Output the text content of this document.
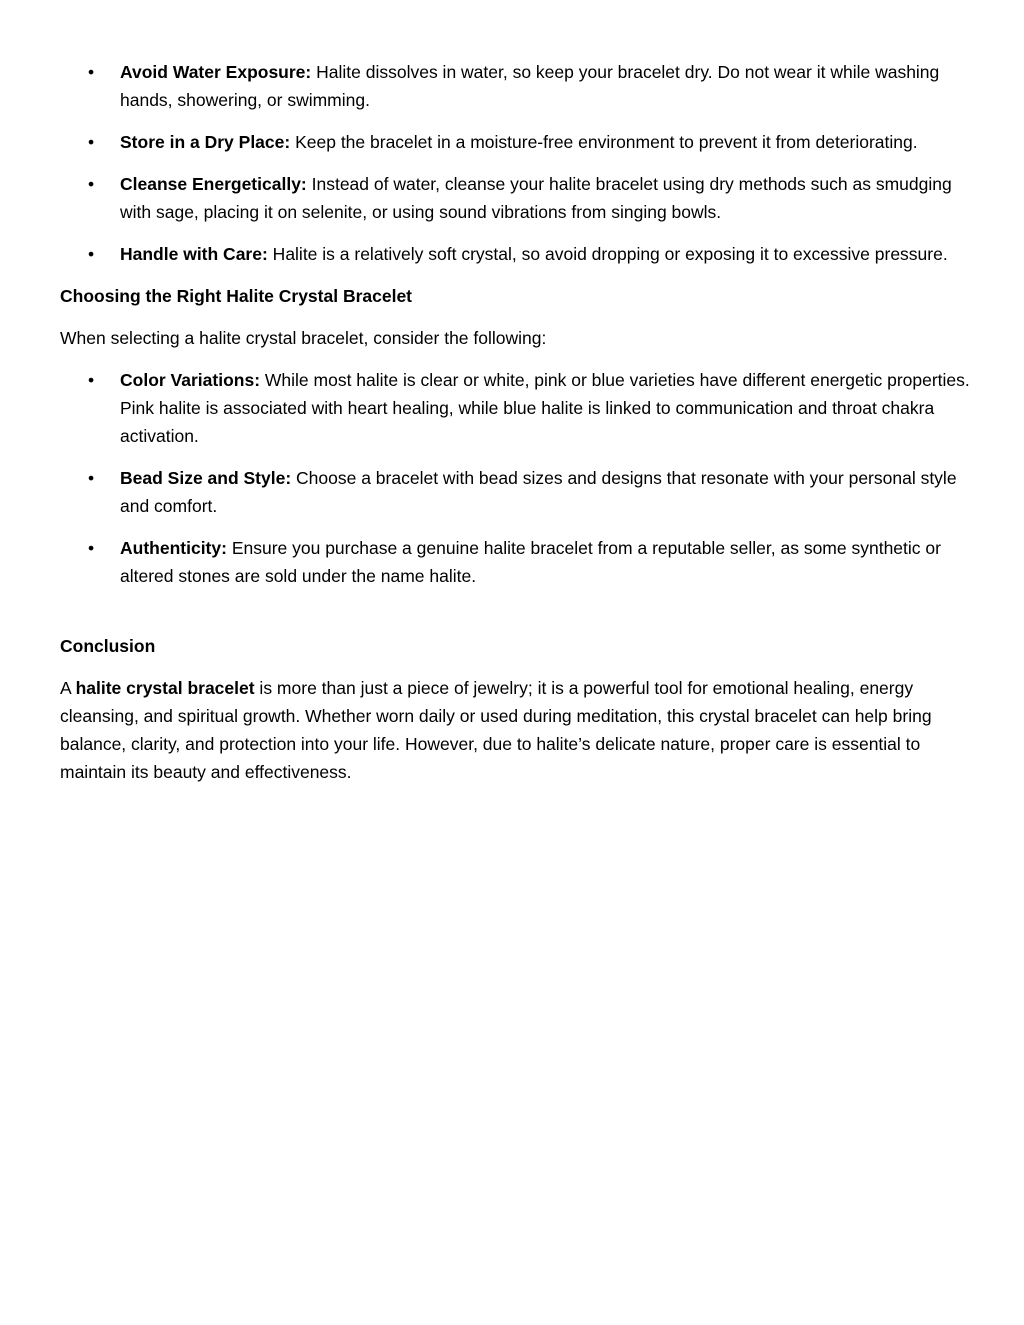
• Avoid Water Exposure: Halite dissolves in water, so keep your bracelet dry. Do not wear it while washing hands, showering, or swimming.
• Store in a Dry Place: Keep the bracelet in a moisture-free environment to prevent it from deteriorating.
• Cleanse Energetically: Instead of water, cleanse your halite bracelet using dry methods such as smudging with sage, placing it on selenite, or using sound vibrations from singing bowls.
• Handle with Care: Halite is a relatively soft crystal, so avoid dropping or exposing it to excessive pressure.
Choosing the Right Halite Crystal Bracelet
When selecting a halite crystal bracelet, consider the following:
• Color Variations: While most halite is clear or white, pink or blue varieties have different energetic properties. Pink halite is associated with heart healing, while blue halite is linked to communication and throat chakra activation.
• Bead Size and Style: Choose a bracelet with bead sizes and designs that resonate with your personal style and comfort.
• Authenticity: Ensure you purchase a genuine halite bracelet from a reputable seller, as some synthetic or altered stones are sold under the name halite.
Conclusion
A halite crystal bracelet is more than just a piece of jewelry; it is a powerful tool for emotional healing, energy cleansing, and spiritual growth. Whether worn daily or used during meditation, this crystal bracelet can help bring balance, clarity, and protection into your life. However, due to halite’s delicate nature, proper care is essential to maintain its beauty and effectiveness.
